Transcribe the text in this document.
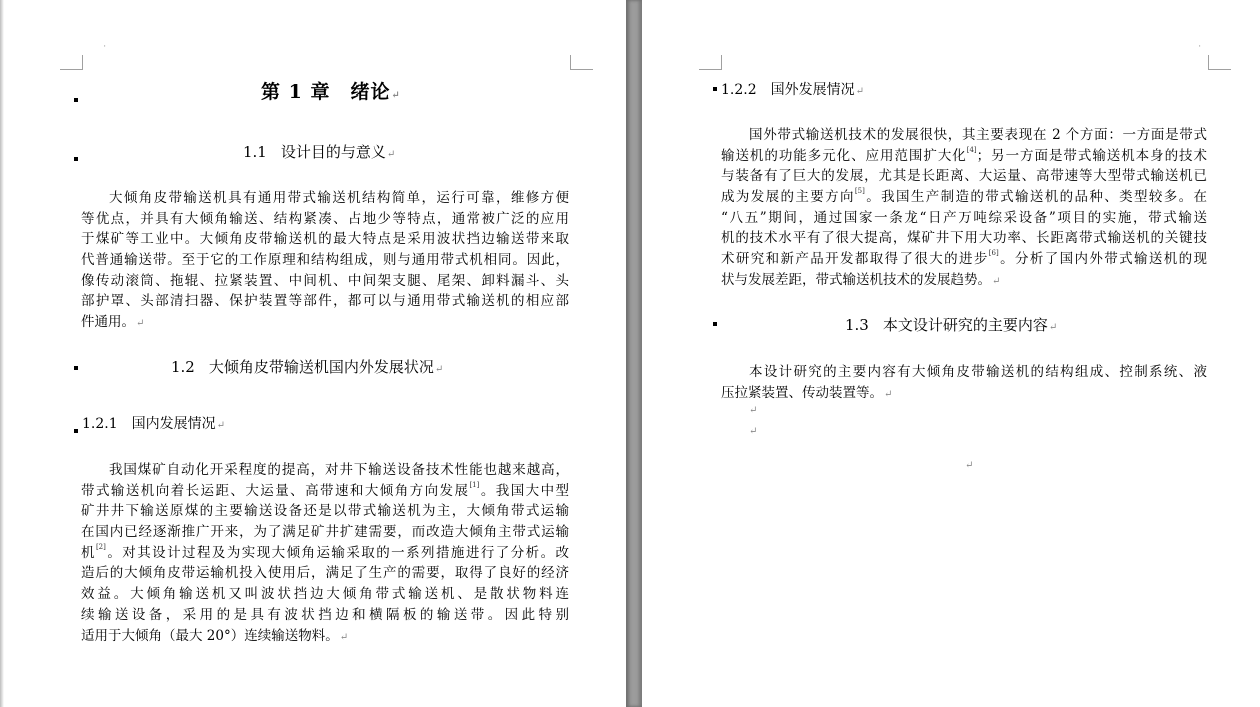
'
第 1 章　绪论↵
1.1 设计目的与意义↵
大倾角皮带输送机具有通用带式输送机结构简单，运行可靠，维修方便
等优点，并具有大倾角输送、结构紧凑、占地少等特点，通常被广泛的应用
于煤矿等工业中。大倾角皮带输送机的最大特点是采用波状挡边输送带来取
代普通输送带。至于它的工作原理和结构组成，则与通用带式机相同。因此，
像传动滚筒、拖辊、拉紧装置、中间机、中间架支腿、尾架、卸料漏斗、头
部护罩、头部清扫器、保护装置等部件，都可以与通用带式输送机的相应部
件通用。↵
1.2 大倾角皮带输送机国内外发展状况↵
1.2.1 国内发展情况↵
我国煤矿自动化开采程度的提高，对井下输送设备技术性能也越来越高，
带式输送机向着长运距、大运量、高带速和大倾角方向发展[1]。我国大中型
矿井井下输送原煤的主要输送设备还是以带式输送机为主，大倾角带式运输
在国内已经逐渐推广开来，为了满足矿井扩建需要，而改造大倾角主带式运输
机[2]。对其设计过程及为实现大倾角运输采取的一系列措施进行了分析。改
造后的大倾角皮带运输机投入使用后，满足了生产的需要，取得了良好的经济
效益。大倾角输送机又叫波状挡边大倾角带式输送机、是散状物料连
续输送设备，采用的是具有波状挡边和横隔板的输送带。因此特别
适用于大倾角（最大 20°）连续输送物料。↵
'
1.2.2 国外发展情况↵
国外带式输送机技术的发展很快，其主要表现在 2 个方面：一方面是带式
输送机的功能多元化、应用范围扩大化[4]；另一方面是带式输送机本身的技术
与装备有了巨大的发展，尤其是长距离、大运量、高带速等大型带式输送机已
成为发展的主要方向[5]。我国生产制造的带式输送机的品种、类型较多。在
“八五”期间，通过国家一条龙“日产万吨综采设备”项目的实施，带式输送
机的技术水平有了很大提高，煤矿井下用大功率、长距离带式输送机的关键技
术研究和新产品开发都取得了很大的进步[6]。分析了国内外带式输送机的现
状与发展差距，带式输送机技术的发展趋势。↵
1.3 本文设计研究的主要内容↵
本设计研究的主要内容有大倾角皮带输送机的结构组成、控制系统、液
压拉紧装置、传动装置等。↵
↵
↵
↵
